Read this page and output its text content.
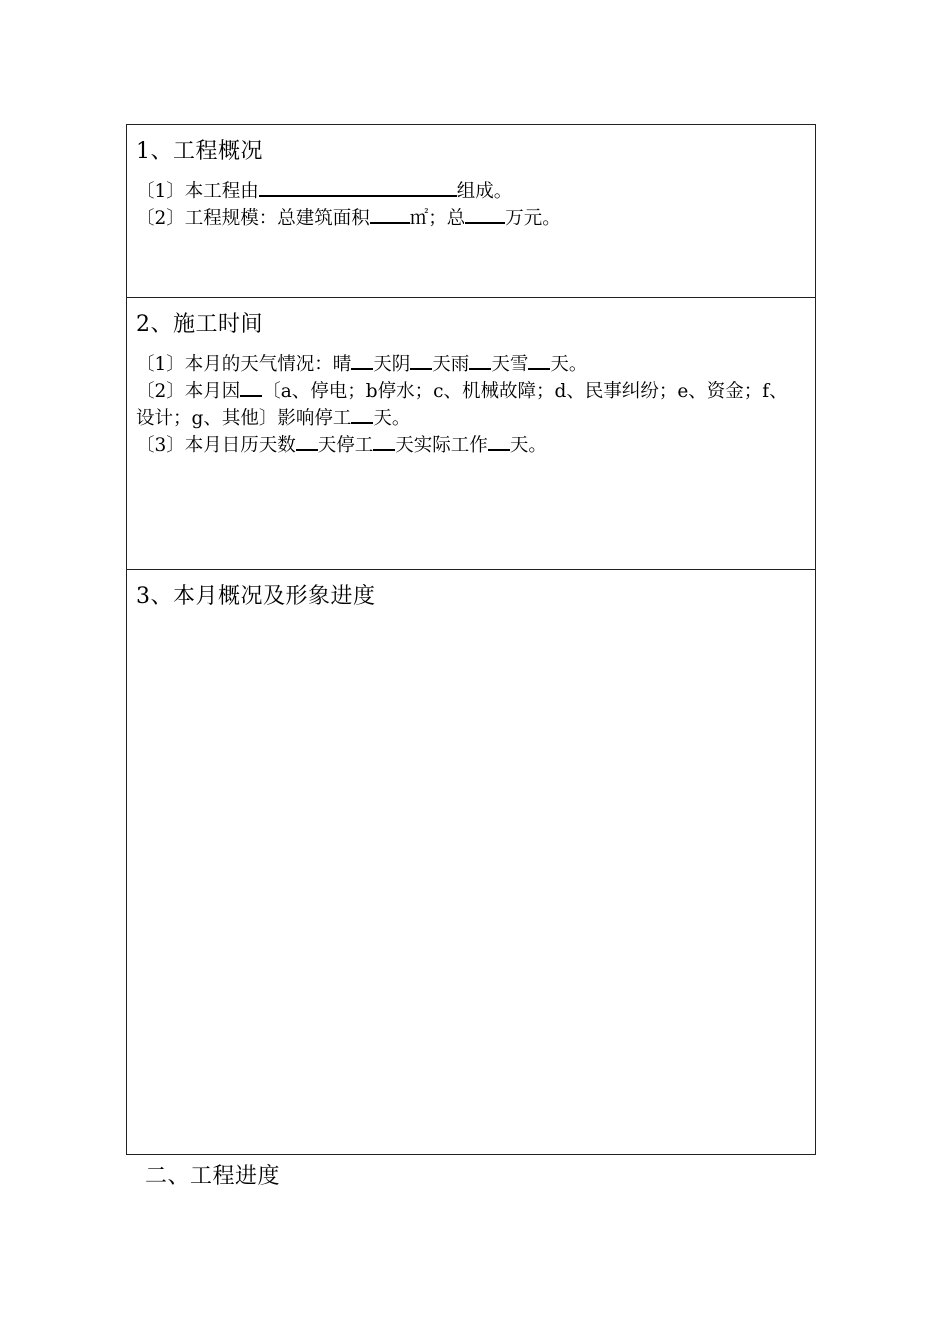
1、工程概况
〔1〕本工程由	组成。
〔2〕工程规模：总建筑面积 ㎡；总 万元。
2、施工时间
〔1〕本月的天气情况：晴 天阴 天雨 天雪 天。
〔2〕本月因 〔a、停电；b停水；c、机械故障；d、民事纠纷；e、资金；f、设计；g、其他〕影响停工 天。
〔3〕本月日历天数 天停工 天实际工作 天。
3、本月概况及形象进度
二、工程进度
